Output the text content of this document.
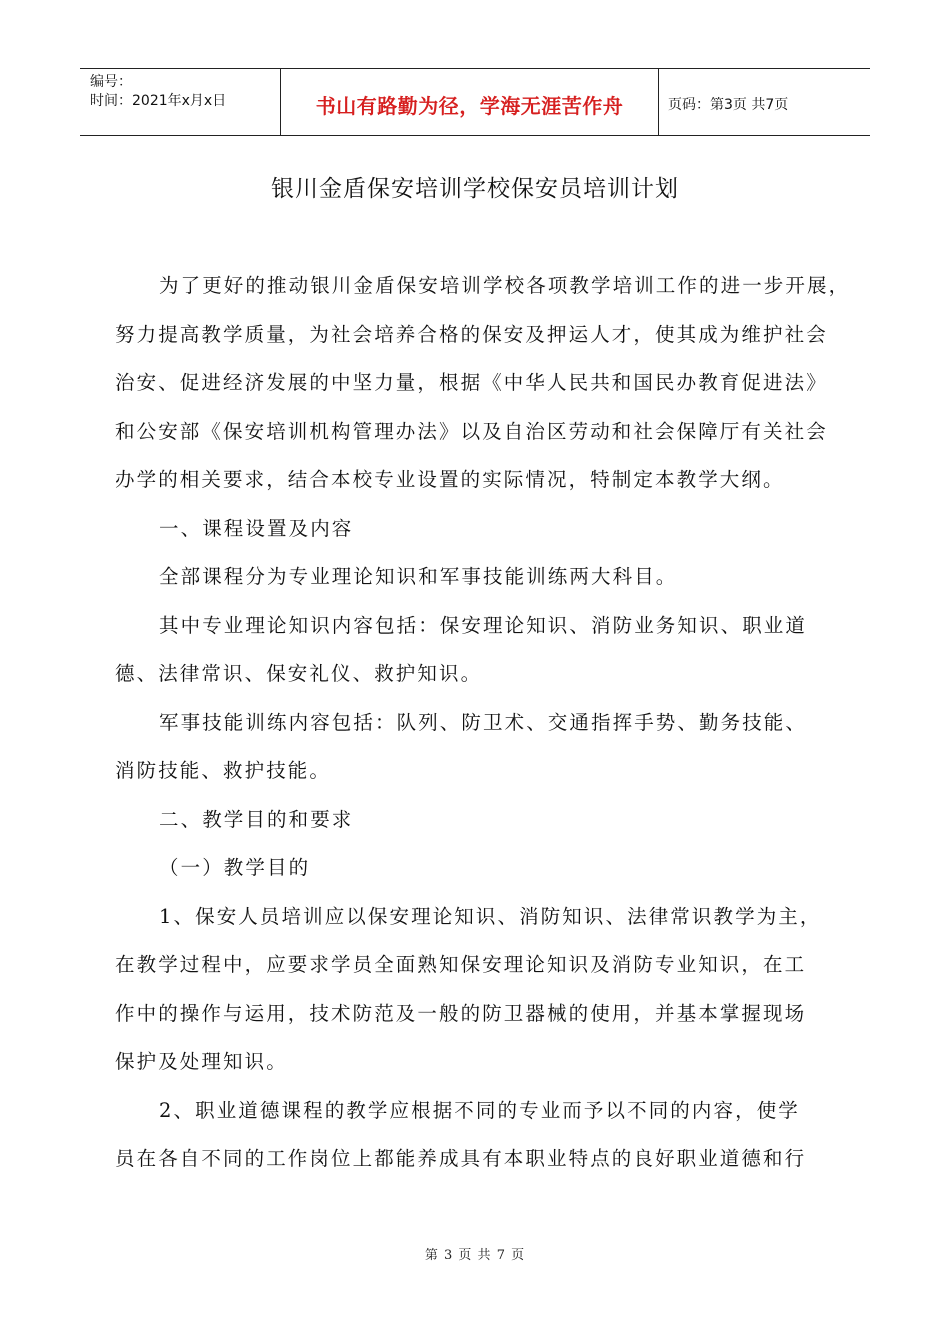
编号：
时间：2021年x月x日	书山有路勤为径，学海无涯苦作舟	页码：第3页 共7页
银川金盾保安培训学校保安员培训计划
为了更好的推动银川金盾保安培训学校各项教学培训工作的进一步开展，
努力提高教学质量，为社会培养合格的保安及押运人才，使其成为维护社会
治安、促进经济发展的中坚力量，根据《中华人民共和国民办教育促进法》
和公安部《保安培训机构管理办法》以及自治区劳动和社会保障厅有关社会
办学的相关要求，结合本校专业设置的实际情况，特制定本教学大纲。
一、课程设置及内容
全部课程分为专业理论知识和军事技能训练两大科目。
其中专业理论知识内容包括：保安理论知识、消防业务知识、职业道
德、法律常识、保安礼仪、救护知识。
军事技能训练内容包括：队列、防卫术、交通指挥手势、勤务技能、
消防技能、救护技能。
二、教学目的和要求
（一）教学目的
1、保安人员培训应以保安理论知识、消防知识、法律常识教学为主，
在教学过程中，应要求学员全面熟知保安理论知识及消防专业知识，在工
作中的操作与运用，技术防范及一般的防卫器械的使用，并基本掌握现场
保护及处理知识。
2、职业道德课程的教学应根据不同的专业而予以不同的内容，使学
员在各自不同的工作岗位上都能养成具有本职业特点的良好职业道德和行
第 3 页 共 7 页
